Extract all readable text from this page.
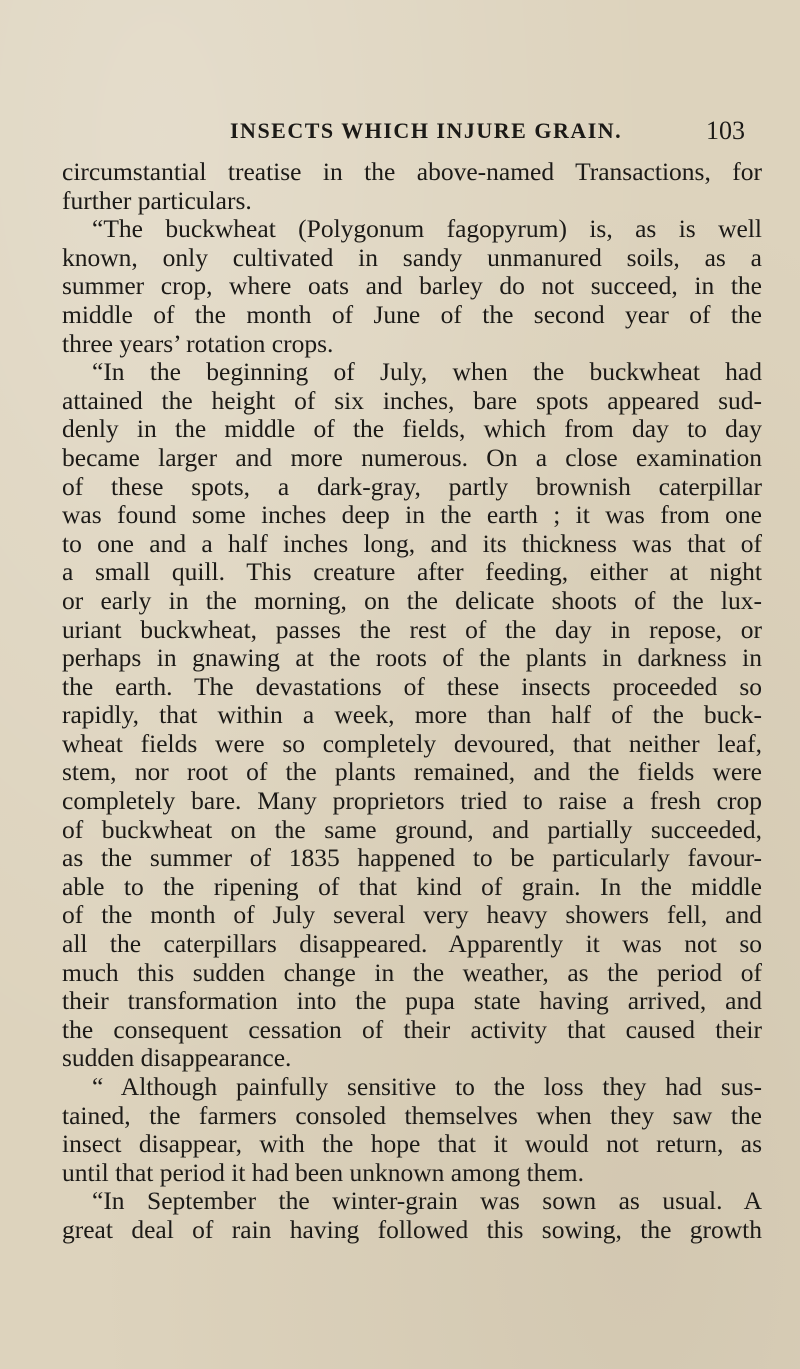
INSECTS WHICH INJURE GRAIN.	103
circumstantial treatise in the above-named Transactions, for
further particulars.
“The buckwheat (Polygonum fagopyrum) is, as is well
known, only cultivated in sandy unmanured soils, as a
summer crop, where oats and barley do not succeed, in the
middle of the month of June of the second year of the
three years’ rotation crops.
“In the beginning of July, when the buckwheat had
attained the height of six inches, bare spots appeared sud-
denly in the middle of the fields, which from day to day
became larger and more numerous. On a close examination
of these spots, a dark-gray, partly brownish caterpillar
was found some inches deep in the earth ; it was from one
to one and a half inches long, and its thickness was that of
a small quill. This creature after feeding, either at night
or early in the morning, on the delicate shoots of the lux-
uriant buckwheat, passes the rest of the day in repose, or
perhaps in gnawing at the roots of the plants in darkness in
the earth. The devastations of these insects proceeded so
rapidly, that within a week, more than half of the buck-
wheat fields were so completely devoured, that neither leaf,
stem, nor root of the plants remained, and the fields were
completely bare. Many proprietors tried to raise a fresh crop
of buckwheat on the same ground, and partially succeeded,
as the summer of 1835 happened to be particularly favour-
able to the ripening of that kind of grain. In the middle
of the month of July several very heavy showers fell, and
all the caterpillars disappeared. Apparently it was not so
much this sudden change in the weather, as the period of
their transformation into the pupa state having arrived, and
the consequent cessation of their activity that caused their
sudden disappearance.
“ Although painfully sensitive to the loss they had sus-
tained, the farmers consoled themselves when they saw the
insect disappear, with the hope that it would not return, as
until that period it had been unknown among them.
“In September the winter-grain was sown as usual. A
great deal of rain having followed this sowing, the growth
